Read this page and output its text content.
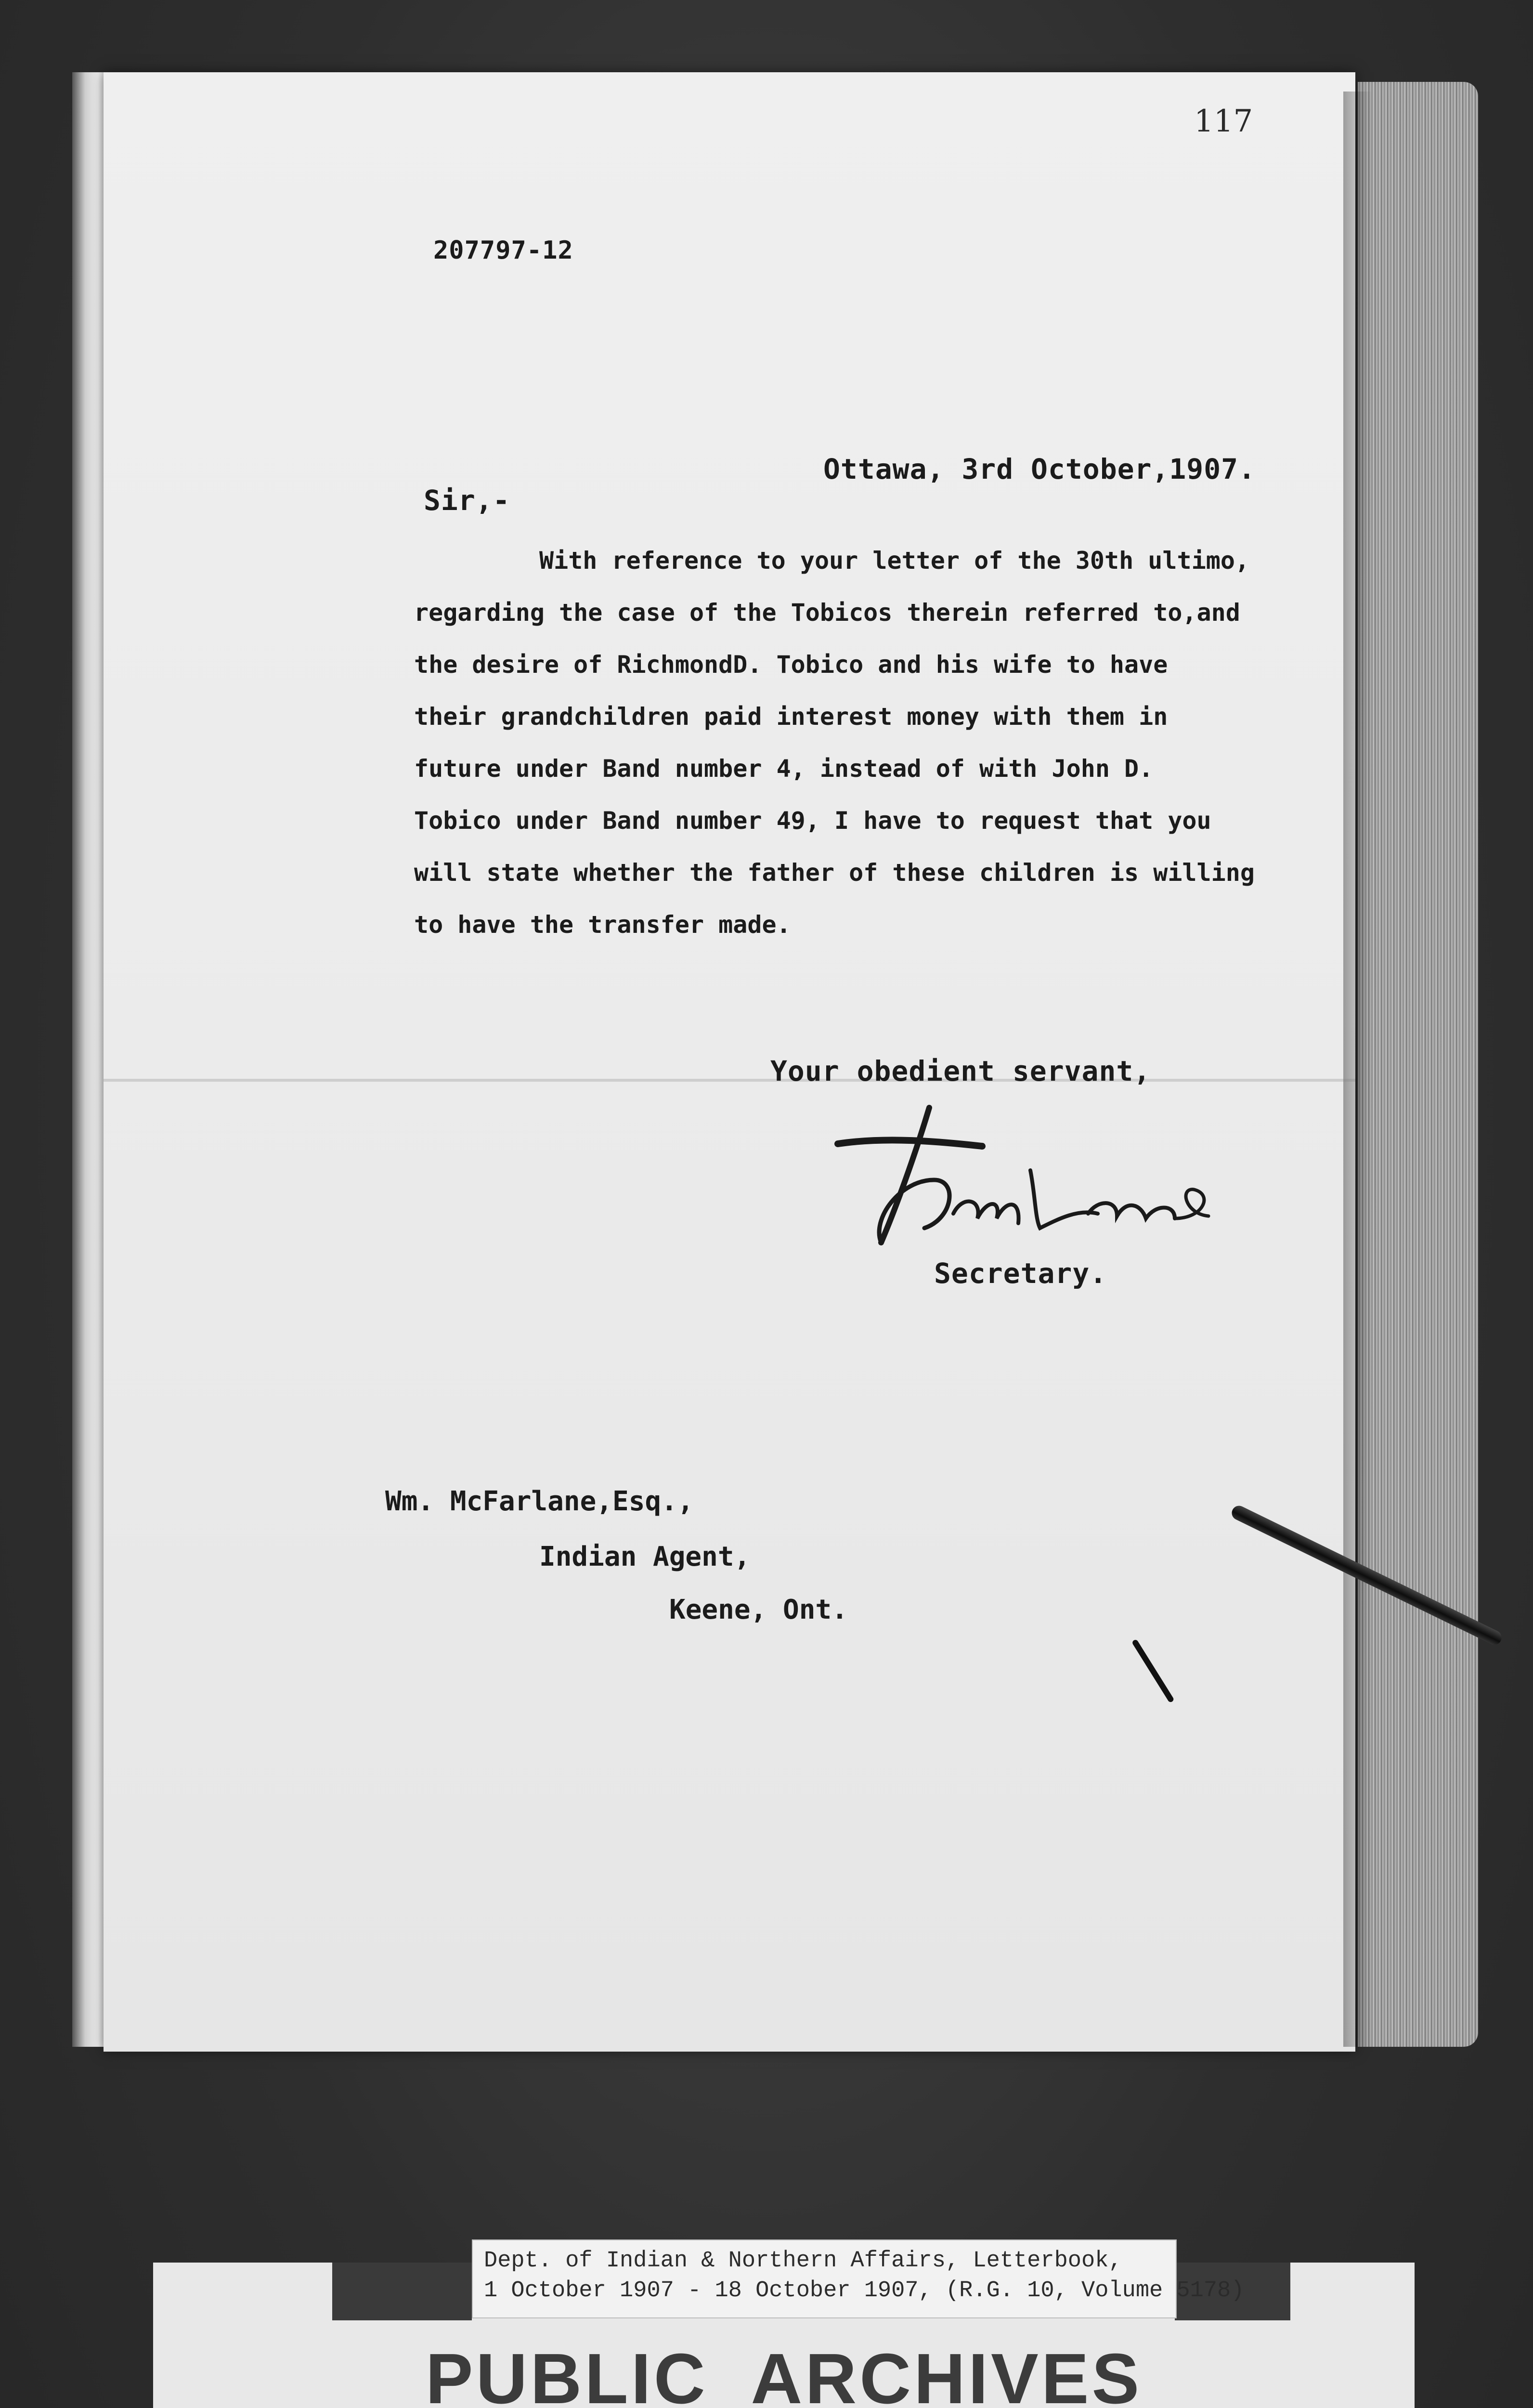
117

207797-12

Ottawa, 3rd October,1907.

Sir,-

With reference to your letter of the 30th ultimo,
regarding the case of the Tobicos therein referred to,and
the desire of RichmondD. Tobico and his wife to have
their grandchildren paid interest money with them in
future under Band number 4, instead of with John D.
Tobico under Band number 49, I have to request that you
will state whether the father of these children is willing
to have the transfer made.

Your obedient servant,

Secretary.

Wm. McFarlane,Esq.,

Indian Agent,

Keene, Ont.

Dept. of Indian & Northern Affairs, Letterbook,

1 October 1907 - 18 October 1907, (R.G. 10, Volume 5178)

PUBLIC  ARCHIVES
